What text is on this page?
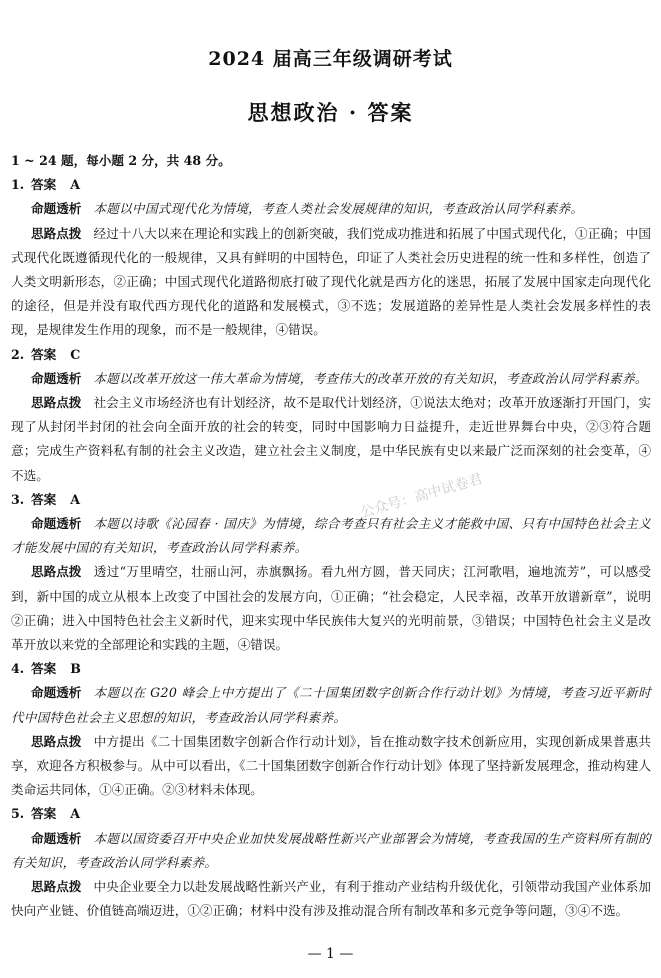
2024 届高三年级调研考试
思想政治 · 答案
1 ~ 24 题，每小题 2 分，共 48 分。
1. 答案 A
命题透析 本题以中国式现代化为情境，考查人类社会发展规律的知识，考查政治认同学科素养。
思路点拨 经过十八大以来在理论和实践上的创新突破，我们党成功推进和拓展了中国式现代化，①正确；中国式现代化既遵循现代化的一般规律，又具有鲜明的中国特色，印证了人类社会历史进程的统一性和多样性，创造了人类文明新形态，②正确；中国式现代化道路彻底打破了现代化就是西方化的迷思，拓展了发展中国家走向现代化的途径，但是并没有取代西方现代化的道路和发展模式，③不选；发展道路的差异性是人类社会发展多样性的表现，是规律发生作用的现象，而不是一般规律，④错误。
2. 答案 C
命题透析 本题以改革开放这一伟大革命为情境，考查伟大的改革开放的有关知识，考查政治认同学科素养。
思路点拨 社会主义市场经济也有计划经济，故不是取代计划经济，①说法太绝对；改革开放逐渐打开国门，实现了从封闭半封闭的社会向全面开放的社会的转变，同时中国影响力日益提升，走近世界舞台中央，②③符合题意；完成生产资料私有制的社会主义改造，建立社会主义制度，是中华民族有史以来最广泛而深刻的社会变革，④不选。
3. 答案 A
命题透析 本题以诗歌《沁园春 · 国庆》为情境，综合考查只有社会主义才能救中国、只有中国特色社会主义才能发展中国的有关知识，考查政治认同学科素养。
思路点拨 透过“万里晴空，壮丽山河，赤旗飘扬。看九州方圆，普天同庆；江河歌唱，遍地流芳”，可以感受到，新中国的成立从根本上改变了中国社会的发展方向，①正确；“社会稳定，人民幸福，改革开放谱新章”，说明②正确；进入中国特色社会主义新时代，迎来实现中华民族伟大复兴的光明前景，③错误；中国特色社会主义是改革开放以来党的全部理论和实践的主题，④错误。
4. 答案 B
命题透析 本题以在 G20 峰会上中方提出了《二十国集团数字创新合作行动计划》为情境，考查习近平新时代中国特色社会主义思想的知识，考查政治认同学科素养。
思路点拨 中方提出《二十国集团数字创新合作行动计划》，旨在推动数字技术创新应用，实现创新成果普惠共享，欢迎各方积极参与。从中可以看出，《二十国集团数字创新合作行动计划》体现了坚持新发展理念，推动构建人类命运共同体，①④正确。②③材料未体现。
5. 答案 A
命题透析 本题以国资委召开中央企业加快发展战略性新兴产业部署会为情境，考查我国的生产资料所有制的有关知识，考查政治认同学科素养。
思路点拨 中央企业要全力以赴发展战略性新兴产业，有利于推动产业结构升级优化，引领带动我国产业体系加快向产业链、价值链高端迈进，①②正确；材料中没有涉及推动混合所有制改革和多元竞争等问题，③④不选。
公众号：高中试卷君
— 1 —
